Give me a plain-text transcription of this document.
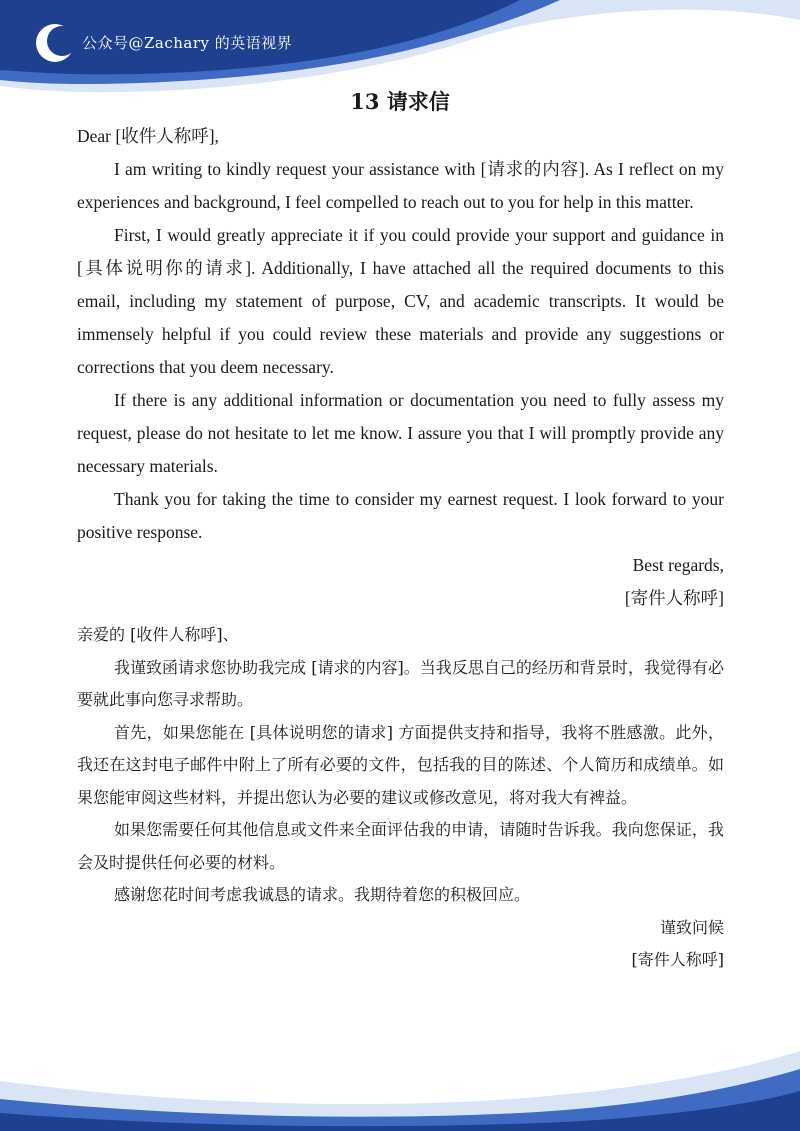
公众号@Zachary 的英语视界
13 请求信

Dear [收件人称呼],

I am writing to kindly request your assistance with [请求的内容]. As I reflect on my experiences and background, I feel compelled to reach out to you for help in this matter.

First, I would greatly appreciate it if you could provide your support and guidance in [具体说明你的请求]. Additionally, I have attached all the required documents to this email, including my statement of purpose, CV, and academic transcripts. It would be immensely helpful if you could review these materials and provide any suggestions or corrections that you deem necessary.

If there is any additional information or documentation you need to fully assess my request, please do not hesitate to let me know. I assure you that I will promptly provide any necessary materials.

Thank you for taking the time to consider my earnest request. I look forward to your positive response.

Best regards,

[寄件人称呼]

亲爱的 [收件人称呼]、

我谨致函请求您协助我完成 [请求的内容]。当我反思自己的经历和背景时，我觉得有必要就此事向您寻求帮助。

首先，如果您能在 [具体说明您的请求] 方面提供支持和指导，我将不胜感激。此外，我还在这封电子邮件中附上了所有必要的文件，包括我的目的陈述、个人简历和成绩单。如果您能审阅这些材料，并提出您认为必要的建议或修改意见，将对我大有裨益。

如果您需要任何其他信息或文件来全面评估我的申请，请随时告诉我。我向您保证，我会及时提供任何必要的材料。

感谢您花时间考虑我诚恳的请求。我期待着您的积极回应。

谨致问候

[寄件人称呼]
